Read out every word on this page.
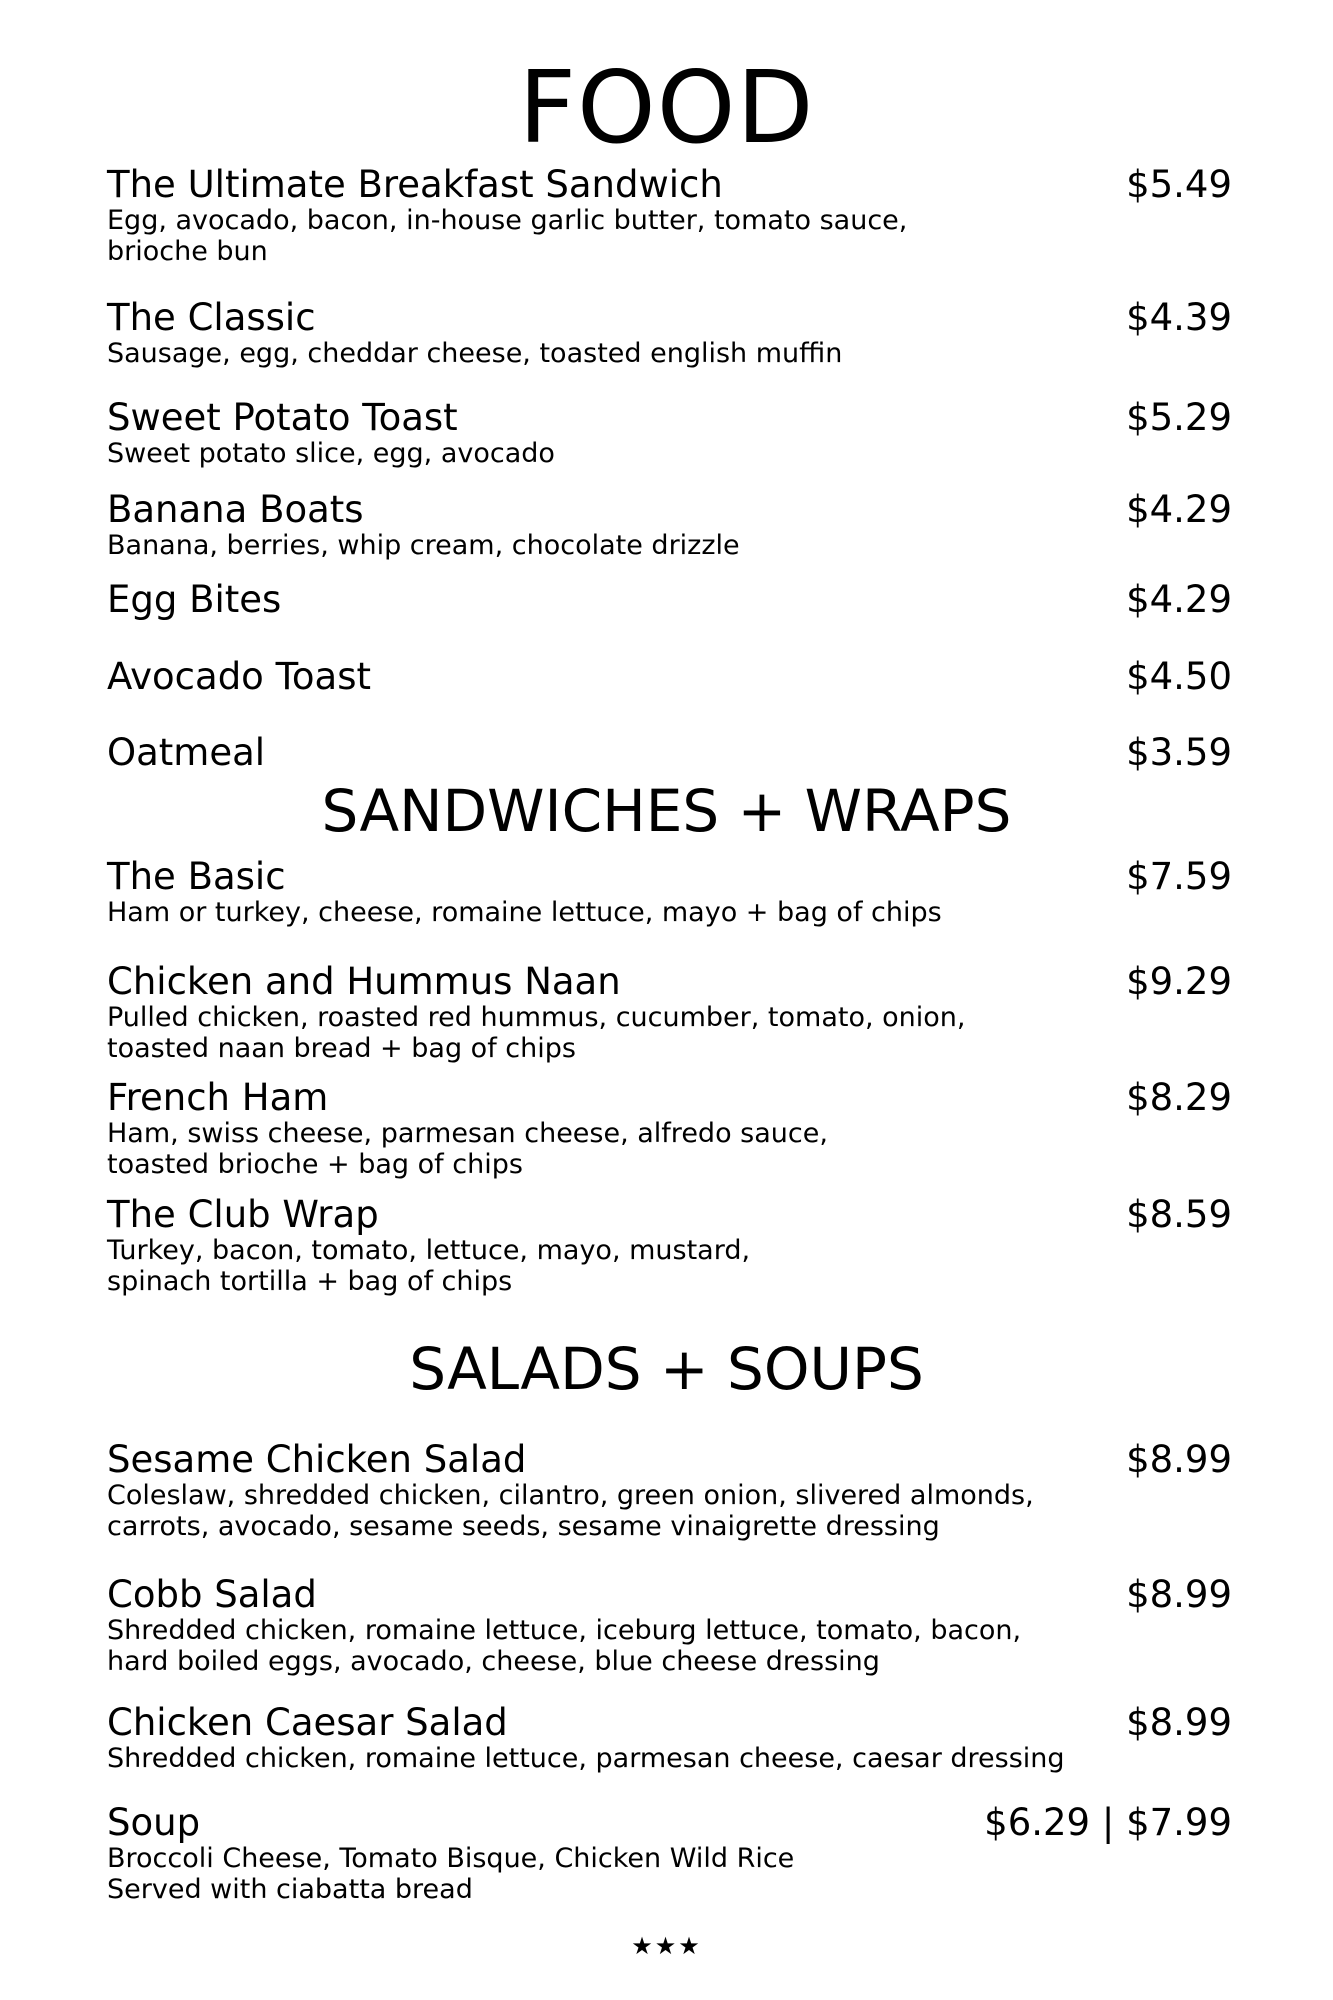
FOOD
The Ultimate Breakfast Sandwich	$5.49
Egg, avocado, bacon, in-house garlic butter, tomato sauce,
brioche bun
The Classic	$4.39
Sausage, egg, cheddar cheese, toasted english muffin
Sweet Potato Toast	$5.29
Sweet potato slice, egg, avocado
Banana Boats	$4.29
Banana, berries, whip cream, chocolate drizzle
Egg Bites	$4.29
Avocado Toast	$4.50
Oatmeal	$3.59
SANDWICHES + WRAPS
The Basic	$7.59
Ham or turkey, cheese, romaine lettuce, mayo + bag of chips
Chicken and Hummus Naan	$9.29
Pulled chicken, roasted red hummus, cucumber, tomato, onion,
toasted naan bread + bag of chips
French Ham	$8.29
Ham, swiss cheese, parmesan cheese, alfredo sauce,
toasted brioche + bag of chips
The Club Wrap	$8.59
Turkey, bacon, tomato, lettuce, mayo, mustard,
spinach tortilla + bag of chips
SALADS + SOUPS
Sesame Chicken Salad	$8.99
Coleslaw, shredded chicken, cilantro, green onion, slivered almonds,
carrots, avocado, sesame seeds, sesame vinaigrette dressing
Cobb Salad	$8.99
Shredded chicken, romaine lettuce, iceburg lettuce, tomato, bacon,
hard boiled eggs, avocado, cheese, blue cheese dressing
Chicken Caesar Salad	$8.99
Shredded chicken, romaine lettuce, parmesan cheese, caesar dressing
Soup	$6.29 | $7.99
Broccoli Cheese, Tomato Bisque, Chicken Wild Rice
Served with ciabatta bread
★★★
